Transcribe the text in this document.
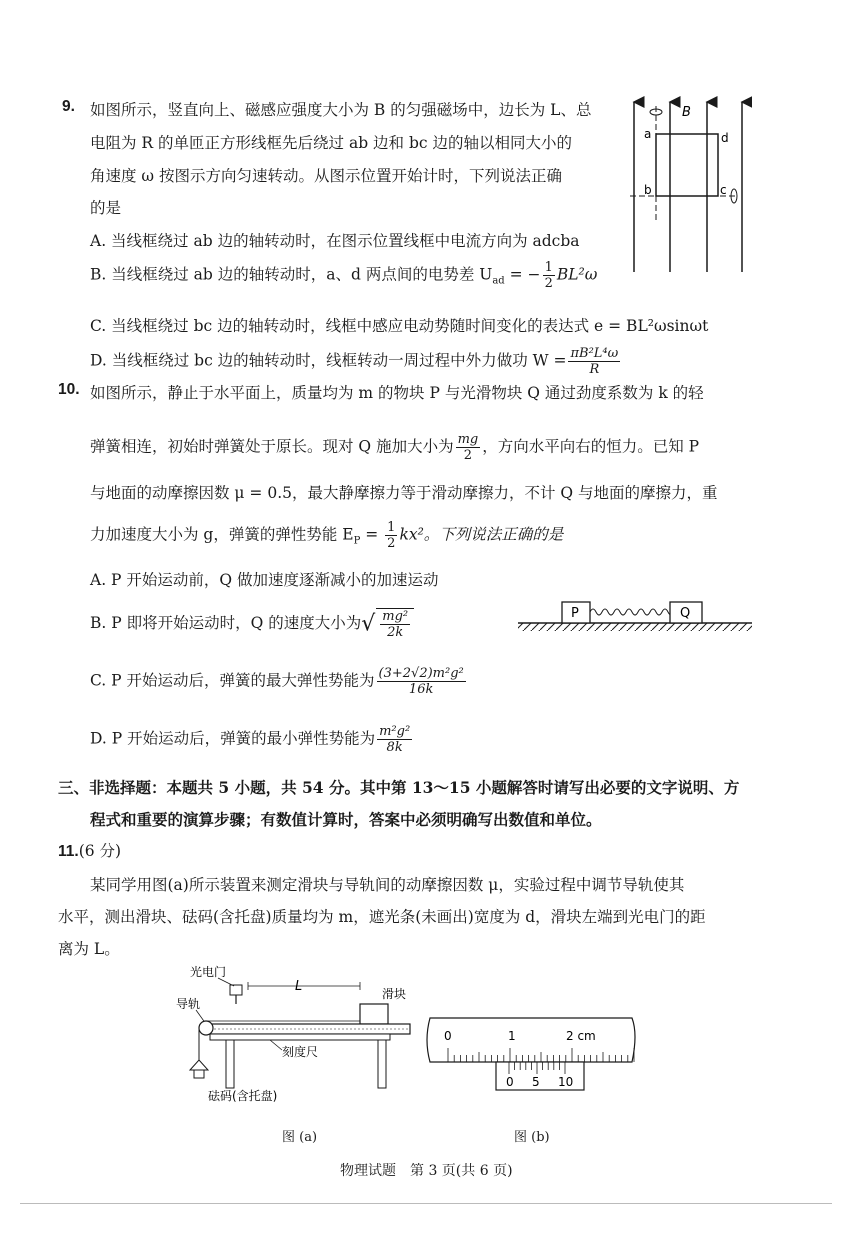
9. 如图所示，竖直向上、磁感应强度大小为 B 的匀强磁场中，边长为 L、总
电阻为 R 的单匝正方形线框先后绕过 ab 边和 bc 边的轴以相同大小的
角速度 ω 按图示方向匀速转动。从图示位置开始计时，下列说法正确
的是
A. 当线框绕过 ab 边的轴转动时，在图示位置线框中电流方向为 adcba
B. 当线框绕过 ab 边的轴转动时，a、d 两点间的电势差 $U_{ad}$ = − $\frac{1}{2} BL^2\omega$
C. 当线框绕过 bc 边的轴转动时，线框中感应电动势随时间变化的表达式 e = BL²ωsinωt
D. 当线框绕过 bc 边的轴转动时，线框转动一周过程中外力做功 $W = \frac{\text{πB²L⁴ω}}{R}$
B
a
b	c
d
10. 如图所示，静止于水平面上，质量均为 m 的物块 P 与光滑物块 Q 通过劲度系数为 k 的轻
弹簧相连，初始时弹簧处于原长。现对 Q 施加大小为 $\frac{mg}{2}$ ，方向水平向右的恒力。已知 P
与地面的动摩擦因数 μ = 0.5，最大静摩擦力等于滑动摩擦力，不计 Q 与地面的摩擦力，重
力加速度大小为 g，弹簧的弹性势能 $E_P = \frac{1}{2} kx^2$。下列说法正确的是
A. P 开始运动前，Q 做加速度逐渐减小的加速运动
B. P 即将开始运动时，Q 的速度大小为√ $\frac{\text{mg²}}{2k}$
C. P 开始运动后，弹簧的最大弹性势能为 $\frac{\text{(3+2√2)m²g²}}{16k}$
D. P 开始运动后，弹簧的最小弹性势能为 $\frac{\text{m²g²}}{8k}$
P	Q
三、非选择题：本题共 5 小题，共 54 分。其中第 13～15 小题解答时请写出必要的文字说明、方
程式和重要的演算步骤；有数值计算时，答案中必须明确写出数值和单位。
11.(6 分)
某同学用图(a)所示装置来测定滑块与导轨间的动摩擦因数 μ，实验过程中调节导轨使其
水平，测出滑块、砝码(含托盘)质量均为 m，遮光条(未画出)宽度为 d，滑块左端到光电门的距
离为 L。
光电门
L	滑块
导轨
砝码(含托盘)
刻度尺
图 (a)
0	1	2 cm
0 5 10
图 (b)
物理试题　第 3 页(共 6 页)
